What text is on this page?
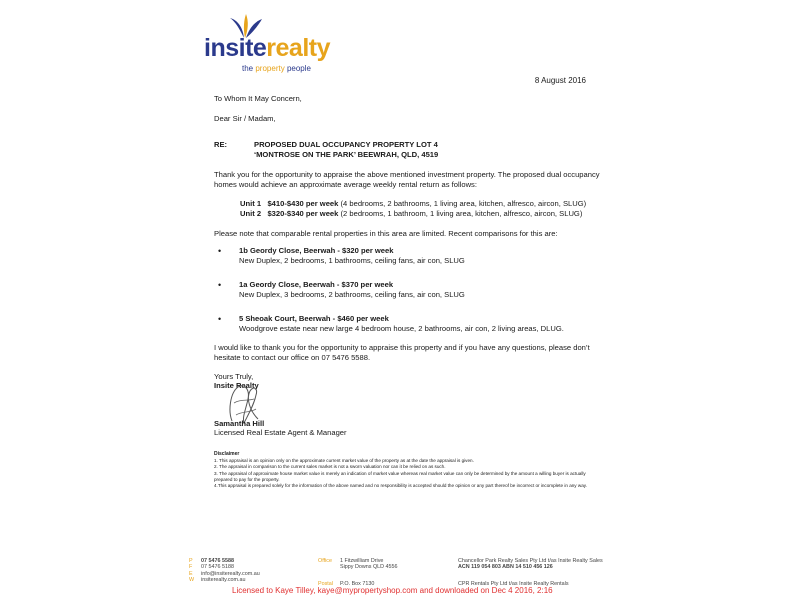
insiterealty
the property people
8 August 2016
To Whom It May Concern,
Dear Sir / Madam,
RE:	PROPOSED DUAL OCCUPANCY PROPERTY LOT 4
‘MONTROSE ON THE PARK’ BEEWRAH, QLD, 4519
Thank you for the opportunity to appraise the above mentioned investment property. The proposed dual occupancy
homes would achieve an approximate average weekly rental return as follows:
Unit 1 $410-$430 per week (4 bedrooms, 2 bathrooms, 1 living area, kitchen, alfresco, aircon, SLUG)
Unit 2 $320-$340 per week (2 bedrooms, 1 bathroom, 1 living area, kitchen, alfresco, aircon, SLUG)
Please note that comparable rental properties in this area are limited. Recent comparisons for this are:
• 1b Geordy Close, Beerwah - $320 per week
New Duplex, 2 bedrooms, 1 bathrooms, ceiling fans, air con, SLUG
• 1a Geordy Close, Beerwah - $370 per week
New Duplex, 3 bedrooms, 2 bathrooms, ceiling fans, air con, SLUG
• 5 Sheoak Court, Beerwah - $460 per week
Woodgrove estate near new large 4 bedroom house, 2 bathrooms, air con, 2 living areas, DLUG.
I would like to thank you for the opportunity to appraise this property and if you have any questions, please don’t
hesitate to contact our office on 07 5476 5588.
Yours Truly,
Insite Realty
Samantha Hill
Licensed Real Estate Agent & Manager
Disclaimer
1. This appraisal is an opinion only on the approximate current market value of the property as at the date the appraisal is given.
2. The appraisal in comparison to the current sales market is not a sworn valuation nor can it be relied on as such.
3. The appraisal of approximate house market value is merely an indication of market value whereas real market value can only be determined by the amount a willing buyer is actually prepared to pay for the property.
4.This appraisal is prepared solely for the information of the above named and no responsibility is accepted should the opinion or any part thereof be incorrect or incomplete in any way.
P 07 5476 5588
F 07 5476 5188
E info@insiterealty.com.au
W insiterealty.com.au
Office 1 Fitzwilliam Drive
Sippy Downs QLD 4556
Postal P.O. Box 7130
Chancellor Park Realty Sales Pty Ltd t/as Insite Realty Sales
ACN 119 054 803 ABN 14 510 456 126
CPR Rentals Pty Ltd t/as Insite Realty Rentals
Licensed to Kaye Tilley, kaye@mypropertyshop.com and downloaded on Dec 4 2016, 2:16
